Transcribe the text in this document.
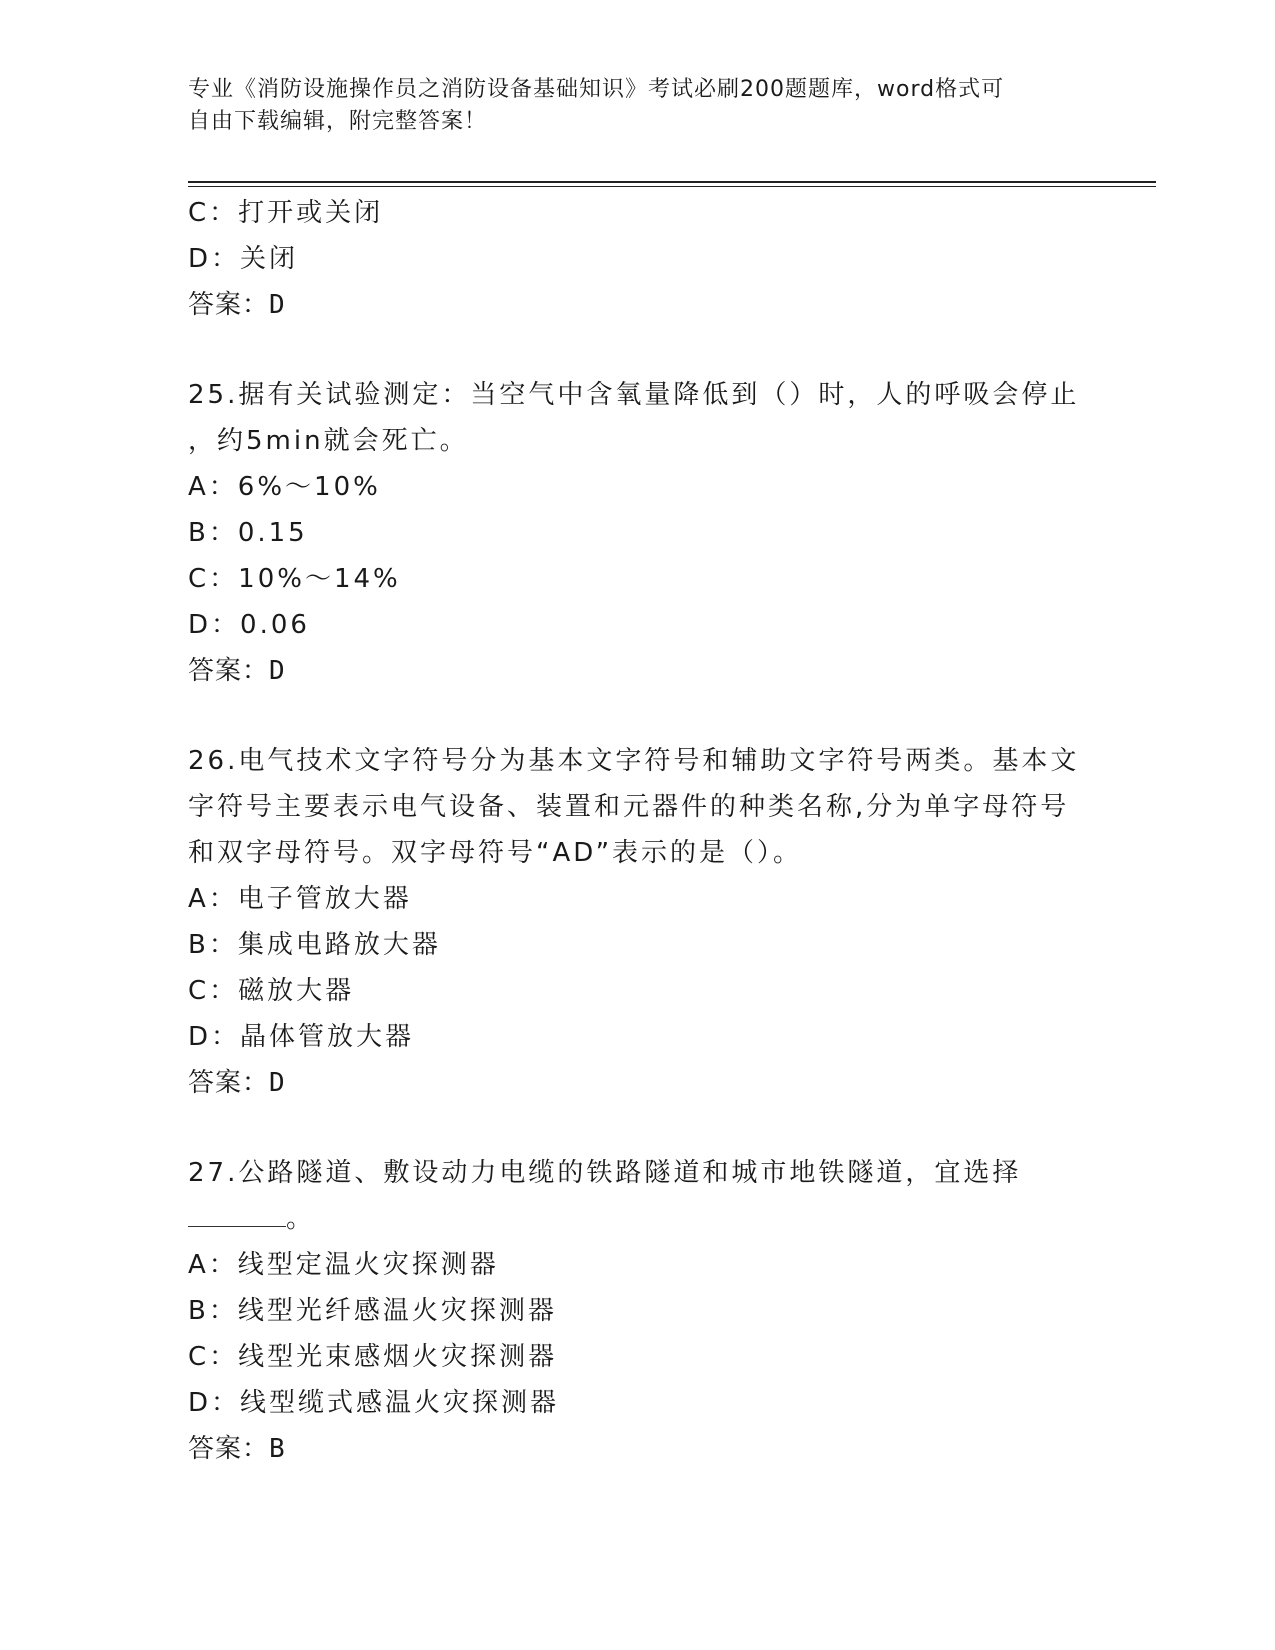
专业《消防设施操作员之消防设备基础知识》考试必刷200题题库，word格式可
自由下载编辑，附完整答案！
C：打开或关闭
D：关闭
答案：D
25.据有关试验测定：当空气中含氧量降低到（）时，人的呼吸会停止
，约5min就会死亡。
A：6%～10%
B：0.15
C：10%～14%
D：0.06
答案：D
26.电气技术文字符号分为基本文字符号和辅助文字符号两类。基本文
字符号主要表示电气设备、装置和元器件的种类名称,分为单字母符号
和双字母符号。双字母符号“AD”表示的是（）。
A：电子管放大器
B：集成电路放大器
C：磁放大器
D：晶体管放大器
答案：D
27.公路隧道、敷设动力电缆的铁路隧道和城市地铁隧道，宜选择
。
A：线型定温火灾探测器
B：线型光纤感温火灾探测器
C：线型光束感烟火灾探测器
D：线型缆式感温火灾探测器
答案：B
